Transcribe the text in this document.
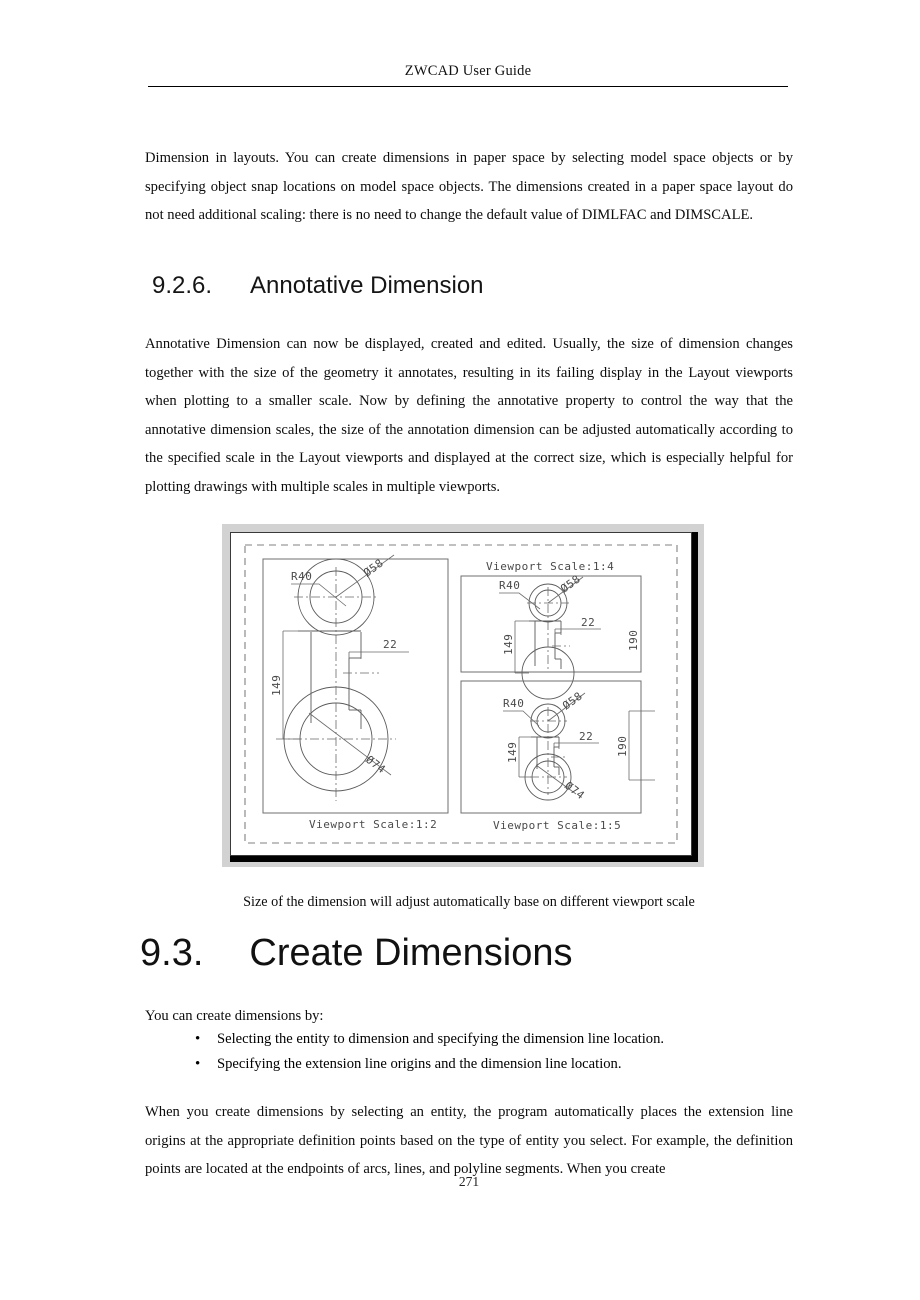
ZWCAD User Guide
Dimension in layouts. You can create dimensions in paper space by selecting model space objects or by specifying object snap locations on model space objects. The dimensions created in a paper space layout do not need additional scaling: there is no need to change the default value of DIMLFAC and DIMSCALE.
9.2.6. Annotative Dimension
Annotative Dimension can now be displayed, created and edited. Usually, the size of dimension changes together with the size of the geometry it annotates, resulting in its failing display in the Layout viewports when plotting to a smaller scale. Now by defining the annotative property to control the way that the annotative dimension scales, the size of the annotation dimension can be adjusted automatically according to the specified scale in the Layout viewports and displayed at the correct size, which is especially helpful for plotting drawings with multiple scales in multiple viewports.
R40	Ø58
22
149
Ø74
Viewport Scale:1:2
Viewport Scale:1:4
R40	Ø58
22
149	190
R40	Ø58
22
149
Ø74
190
Viewport Scale:1:5
Size of the dimension will adjust automatically base on different viewport scale
9.3. Create Dimensions
You can create dimensions by:
•	Selecting the entity to dimension and specifying the dimension line location.
•	Specifying the extension line origins and the dimension line location.
When you create dimensions by selecting an entity, the program automatically places the extension line origins at the appropriate definition points based on the type of entity you select. For example, the definition points are located at the endpoints of arcs, lines, and polyline segments. When you create
271
